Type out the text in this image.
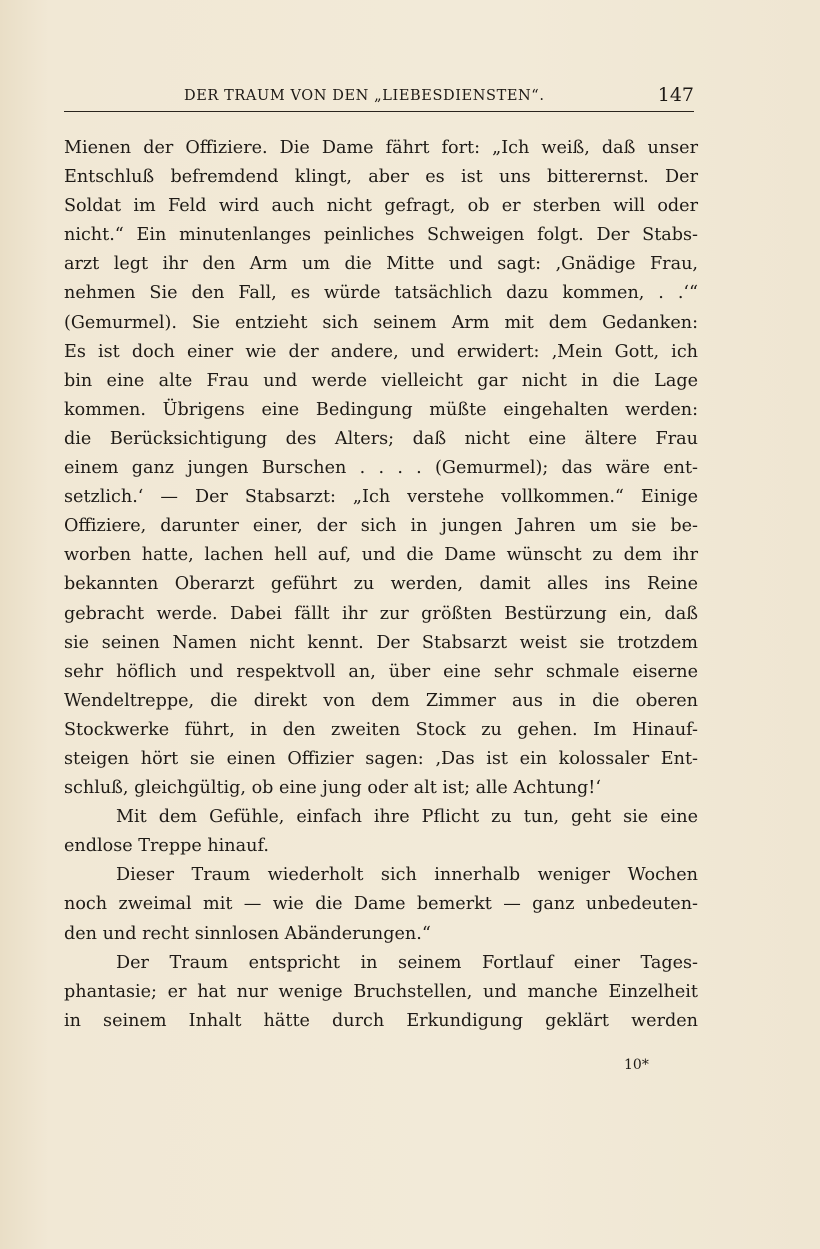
DER TRAUM VON DEN „LIEBESDIENSTEN“.	147
Mienen der Offiziere. Die Dame fährt fort: „Ich weiß, daß unser
Entschluß befremdend klingt, aber es ist uns bitterernst. Der
Soldat im Feld wird auch nicht gefragt, ob er sterben will oder
nicht.“ Ein minutenlanges peinliches Schweigen folgt. Der Stabs-
arzt legt ihr den Arm um die Mitte und sagt: ‚Gnädige Frau,
nehmen Sie den Fall, es würde tatsächlich dazu kommen, . .‘“
(Gemurmel). Sie entzieht sich seinem Arm mit dem Gedanken:
Es ist doch einer wie der andere, und erwidert: ‚Mein Gott, ich
bin eine alte Frau und werde vielleicht gar nicht in die Lage
kommen. Übrigens eine Bedingung müßte eingehalten werden:
die Berücksichtigung des Alters; daß nicht eine ältere Frau
einem ganz jungen Burschen . . . . (Gemurmel); das wäre ent-
setzlich.‘ — Der Stabsarzt: „Ich verstehe vollkommen.“ Einige
Offiziere, darunter einer, der sich in jungen Jahren um sie be-
worben hatte, lachen hell auf, und die Dame wünscht zu dem ihr
bekannten Oberarzt geführt zu werden, damit alles ins Reine
gebracht werde. Dabei fällt ihr zur größten Bestürzung ein, daß
sie seinen Namen nicht kennt. Der Stabsarzt weist sie trotzdem
sehr höflich und respektvoll an, über eine sehr schmale eiserne
Wendeltreppe, die direkt von dem Zimmer aus in die oberen
Stockwerke führt, in den zweiten Stock zu gehen. Im Hinauf-
steigen hört sie einen Offizier sagen: ‚Das ist ein kolossaler Ent-
schluß, gleichgültig, ob eine jung oder alt ist; alle Achtung!‘
Mit dem Gefühle, einfach ihre Pflicht zu tun, geht sie eine
endlose Treppe hinauf.
Dieser Traum wiederholt sich innerhalb weniger Wochen
noch zweimal mit — wie die Dame bemerkt — ganz unbedeuten-
den und recht sinnlosen Abänderungen.“
Der Traum entspricht in seinem Fortlauf einer Tages-
phantasie; er hat nur wenige Bruchstellen, und manche Einzelheit
in seinem Inhalt hätte durch Erkundigung geklärt werden
10*
